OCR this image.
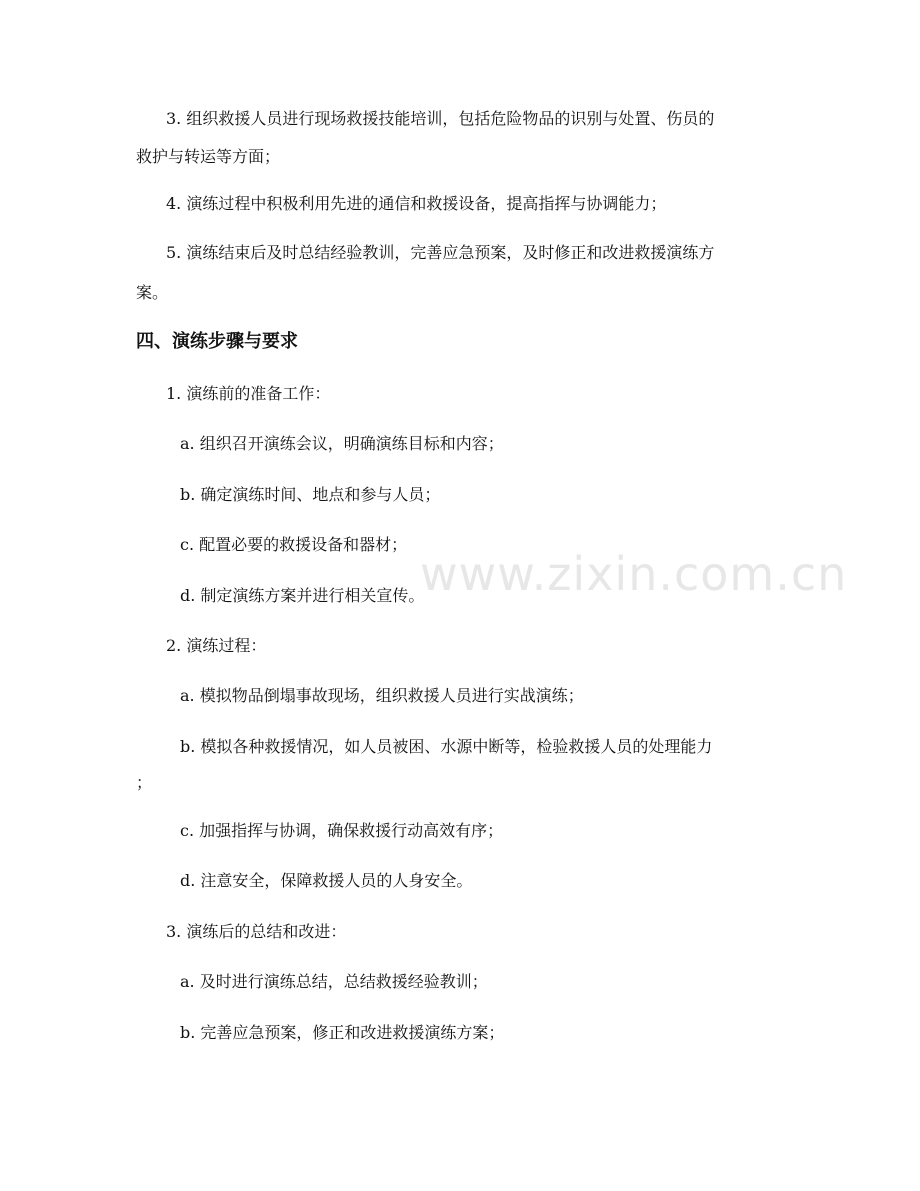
www.zixin.com.cn
3. 组织救援人员进行现场救援技能培训，包括危险物品的识别与处置、伤员的
救护与转运等方面；
4. 演练过程中积极利用先进的通信和救援设备，提高指挥与协调能力；
5. 演练结束后及时总结经验教训，完善应急预案，及时修正和改进救援演练方
案。
四、演练步骤与要求
1. 演练前的准备工作：
a. 组织召开演练会议，明确演练目标和内容；
b. 确定演练时间、地点和参与人员；
c. 配置必要的救援设备和器材；
d. 制定演练方案并进行相关宣传。
2. 演练过程：
a. 模拟物品倒塌事故现场，组织救援人员进行实战演练；
b. 模拟各种救援情况，如人员被困、水源中断等，检验救援人员的处理能力
；
c. 加强指挥与协调，确保救援行动高效有序；
d. 注意安全，保障救援人员的人身安全。
3. 演练后的总结和改进：
a. 及时进行演练总结，总结救援经验教训；
b. 完善应急预案，修正和改进救援演练方案；
